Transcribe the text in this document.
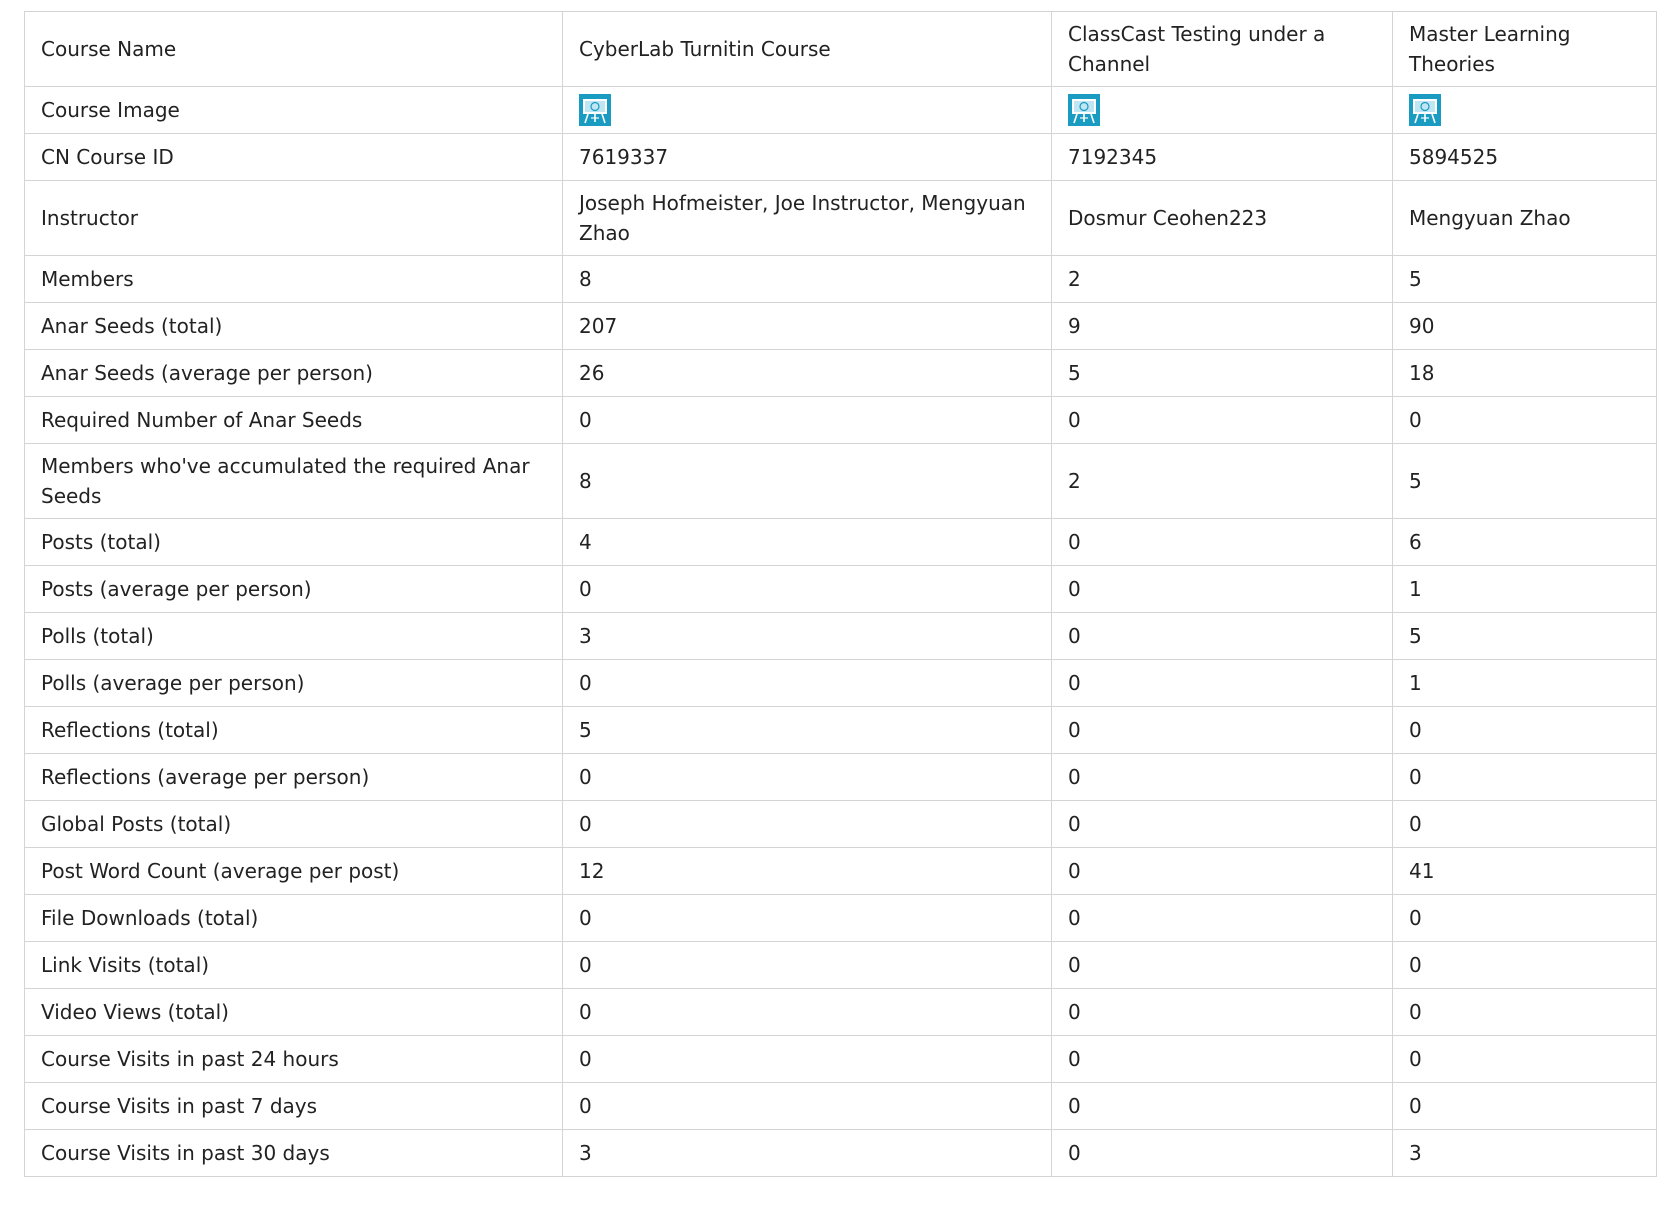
Course Name	CyberLab Turnitin Course	ClassCast Testing under a Channel	Master Learning Theories
Course Image	

CN Course ID	7619337	7192345	5894525
Instructor	Joseph Hofmeister, Joe Instructor, Mengyuan Zhao	Dosmur Ceohen223	Mengyuan Zhao
Members	8	2	5
Anar Seeds (total)	207	9	90
Anar Seeds (average per person)	26	5	18
Required Number of Anar Seeds	0	0	0
Members who've accumulated the required Anar Seeds	8	2	5
Posts (total)	4	0	6
Posts (average per person)	0	0	1
Polls (total)	3	0	5
Polls (average per person)	0	0	1
Reflections (total)	5	0	0
Reflections (average per person)	0	0	0
Global Posts (total)	0	0	0
Post Word Count (average per post)	12	0	41
File Downloads (total)	0	0	0
Link Visits (total)	0	0	0
Video Views (total)	0	0	0
Course Visits in past 24 hours	0	0	0
Course Visits in past 7 days	0	0	0
Course Visits in past 30 days	3	0	3
